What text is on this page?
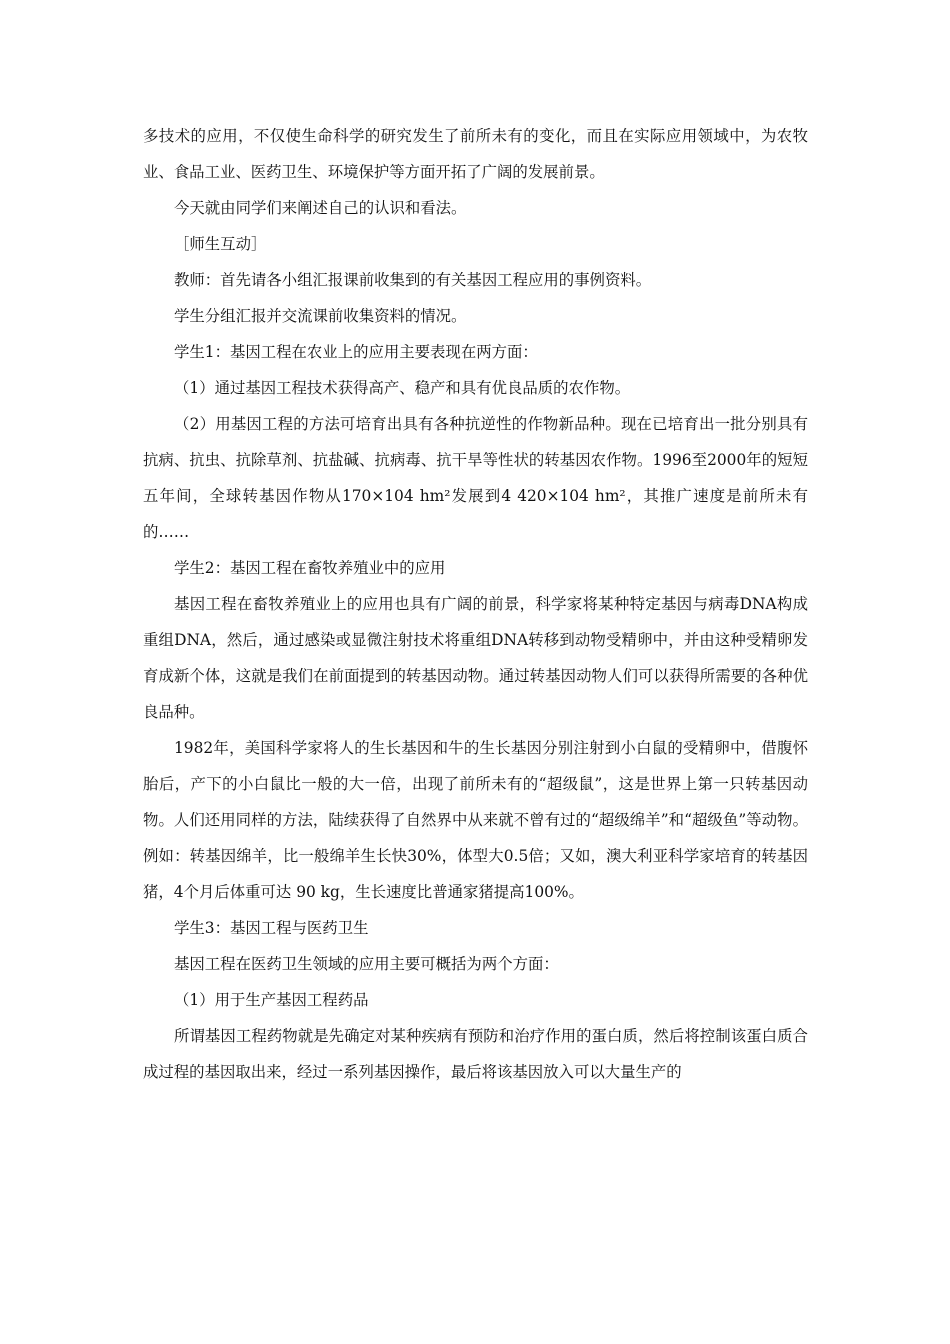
多技术的应用，不仅使生命科学的研究发生了前所未有的变化，而且在实际应用领域中，为农牧业、食品工业、医药卫生、环境保护等方面开拓了广阔的发展前景。

今天就由同学们来阐述自己的认识和看法。

［师生互动］

教师：首先请各小组汇报课前收集到的有关基因工程应用的事例资料。

学生分组汇报并交流课前收集资料的情况。

学生1：基因工程在农业上的应用主要表现在两方面：

（1）通过基因工程技术获得高产、稳产和具有优良品质的农作物。

（2）用基因工程的方法可培育出具有各种抗逆性的作物新品种。现在已培育出一批分别具有抗病、抗虫、抗除草剂、抗盐碱、抗病毒、抗干旱等性状的转基因农作物。1996至2000年的短短五年间，全球转基因作物从170×104 hm²发展到4 420×104 hm²，其推广速度是前所未有的……

学生2：基因工程在畜牧养殖业中的应用

基因工程在畜牧养殖业上的应用也具有广阔的前景，科学家将某种特定基因与病毒DNA构成重组DNA，然后，通过感染或显微注射技术将重组DNA转移到动物受精卵中，并由这种受精卵发育成新个体，这就是我们在前面提到的转基因动物。通过转基因动物人们可以获得所需要的各种优良品种。

1982年，美国科学家将人的生长基因和牛的生长基因分别注射到小白鼠的受精卵中，借腹怀胎后，产下的小白鼠比一般的大一倍，出现了前所未有的“超级鼠”，这是世界上第一只转基因动物。人们还用同样的方法，陆续获得了自然界中从来就不曾有过的“超级绵羊”和“超级鱼”等动物。例如：转基因绵羊，比一般绵羊生长快30%，体型大0.5倍；又如，澳大利亚科学家培育的转基因猪，4个月后体重可达 90 kg，生长速度比普通家猪提高100%。

学生3：基因工程与医药卫生

基因工程在医药卫生领域的应用主要可概括为两个方面：

（1）用于生产基因工程药品

所谓基因工程药物就是先确定对某种疾病有预防和治疗作用的蛋白质，然后将控制该蛋白质合成过程的基因取出来，经过一系列基因操作，最后将该基因放入可以大量生产的
